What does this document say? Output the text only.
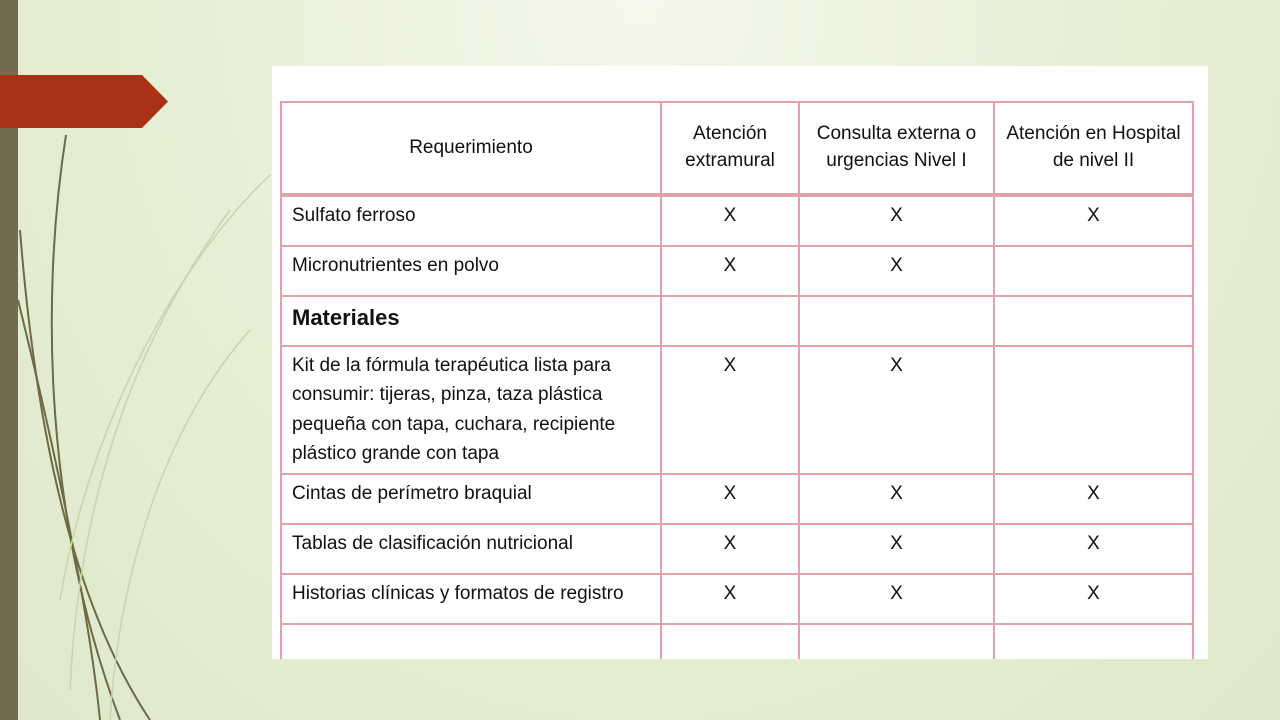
Requerimiento	Atención extramural	Consulta externa o urgencias Nivel I	Atención en Hospital de nivel II
Sulfato ferroso	X	X	X
Micronutrientes en polvo	X	X	
Materiales			
Kit de la fórmula terapéutica lista para consumir: tijeras, pinza, taza plástica pequeña con tapa, cuchara, recipiente plástico grande con tapa	X	X	
Cintas de perímetro braquial	X	X	X
Tablas de clasificación nutricional	X	X	X
Historias clínicas y formatos de registro	X	X	X
